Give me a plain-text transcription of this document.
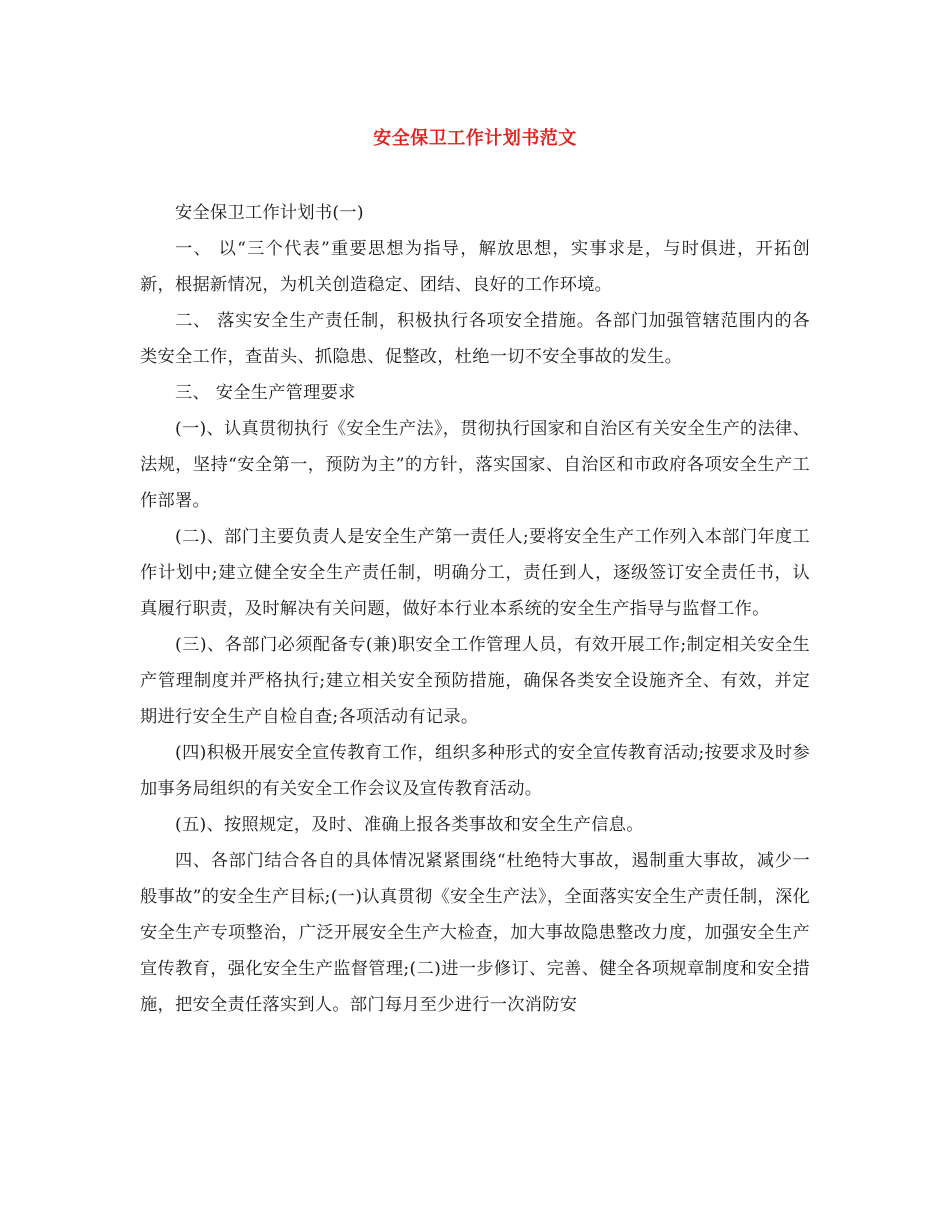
安全保卫工作计划书范文

安全保卫工作计划书(一)

一、 以“三个代表”重要思想为指导，解放思想，实事求是，与时俱进，开拓创新，根据新情况，为机关创造稳定、团结、良好的工作环境。

二、 落实安全生产责任制，积极执行各项安全措施。各部门加强管辖范围内的各类安全工作，查苗头、抓隐患、促整改，杜绝一切不安全事故的发生。

三、 安全生产管理要求

(一)、认真贯彻执行《安全生产法》，贯彻执行国家和自治区有关安全生产的法律、法规，坚持“安全第一，预防为主”的方针，落实国家、自治区和市政府各项安全生产工作部署。

(二)、部门主要负责人是安全生产第一责任人;要将安全生产工作列入本部门年度工作计划中;建立健全安全生产责任制，明确分工，责任到人，逐级签订安全责任书，认真履行职责，及时解决有关问题，做好本行业本系统的安全生产指导与监督工作。

(三)、各部门必须配备专(兼)职安全工作管理人员，有效开展工作;制定相关安全生产管理制度并严格执行;建立相关安全预防措施，确保各类安全设施齐全、有效，并定期进行安全生产自检自查;各项活动有记录。

(四)积极开展安全宣传教育工作，组织多种形式的安全宣传教育活动;按要求及时参加事务局组织的有关安全工作会议及宣传教育活动。

(五)、按照规定，及时、准确上报各类事故和安全生产信息。

四、各部门结合各自的具体情况紧紧围绕“杜绝特大事故，遏制重大事故，减少一般事故”的安全生产目标;(一)认真贯彻《安全生产法》，全面落实安全生产责任制，深化安全生产专项整治，广泛开展安全生产大检查，加大事故隐患整改力度，加强安全生产宣传教育，强化安全生产监督管理;(二)进一步修订、完善、健全各项规章制度和安全措施，把安全责任落实到人。部门每月至少进行一次消防安
